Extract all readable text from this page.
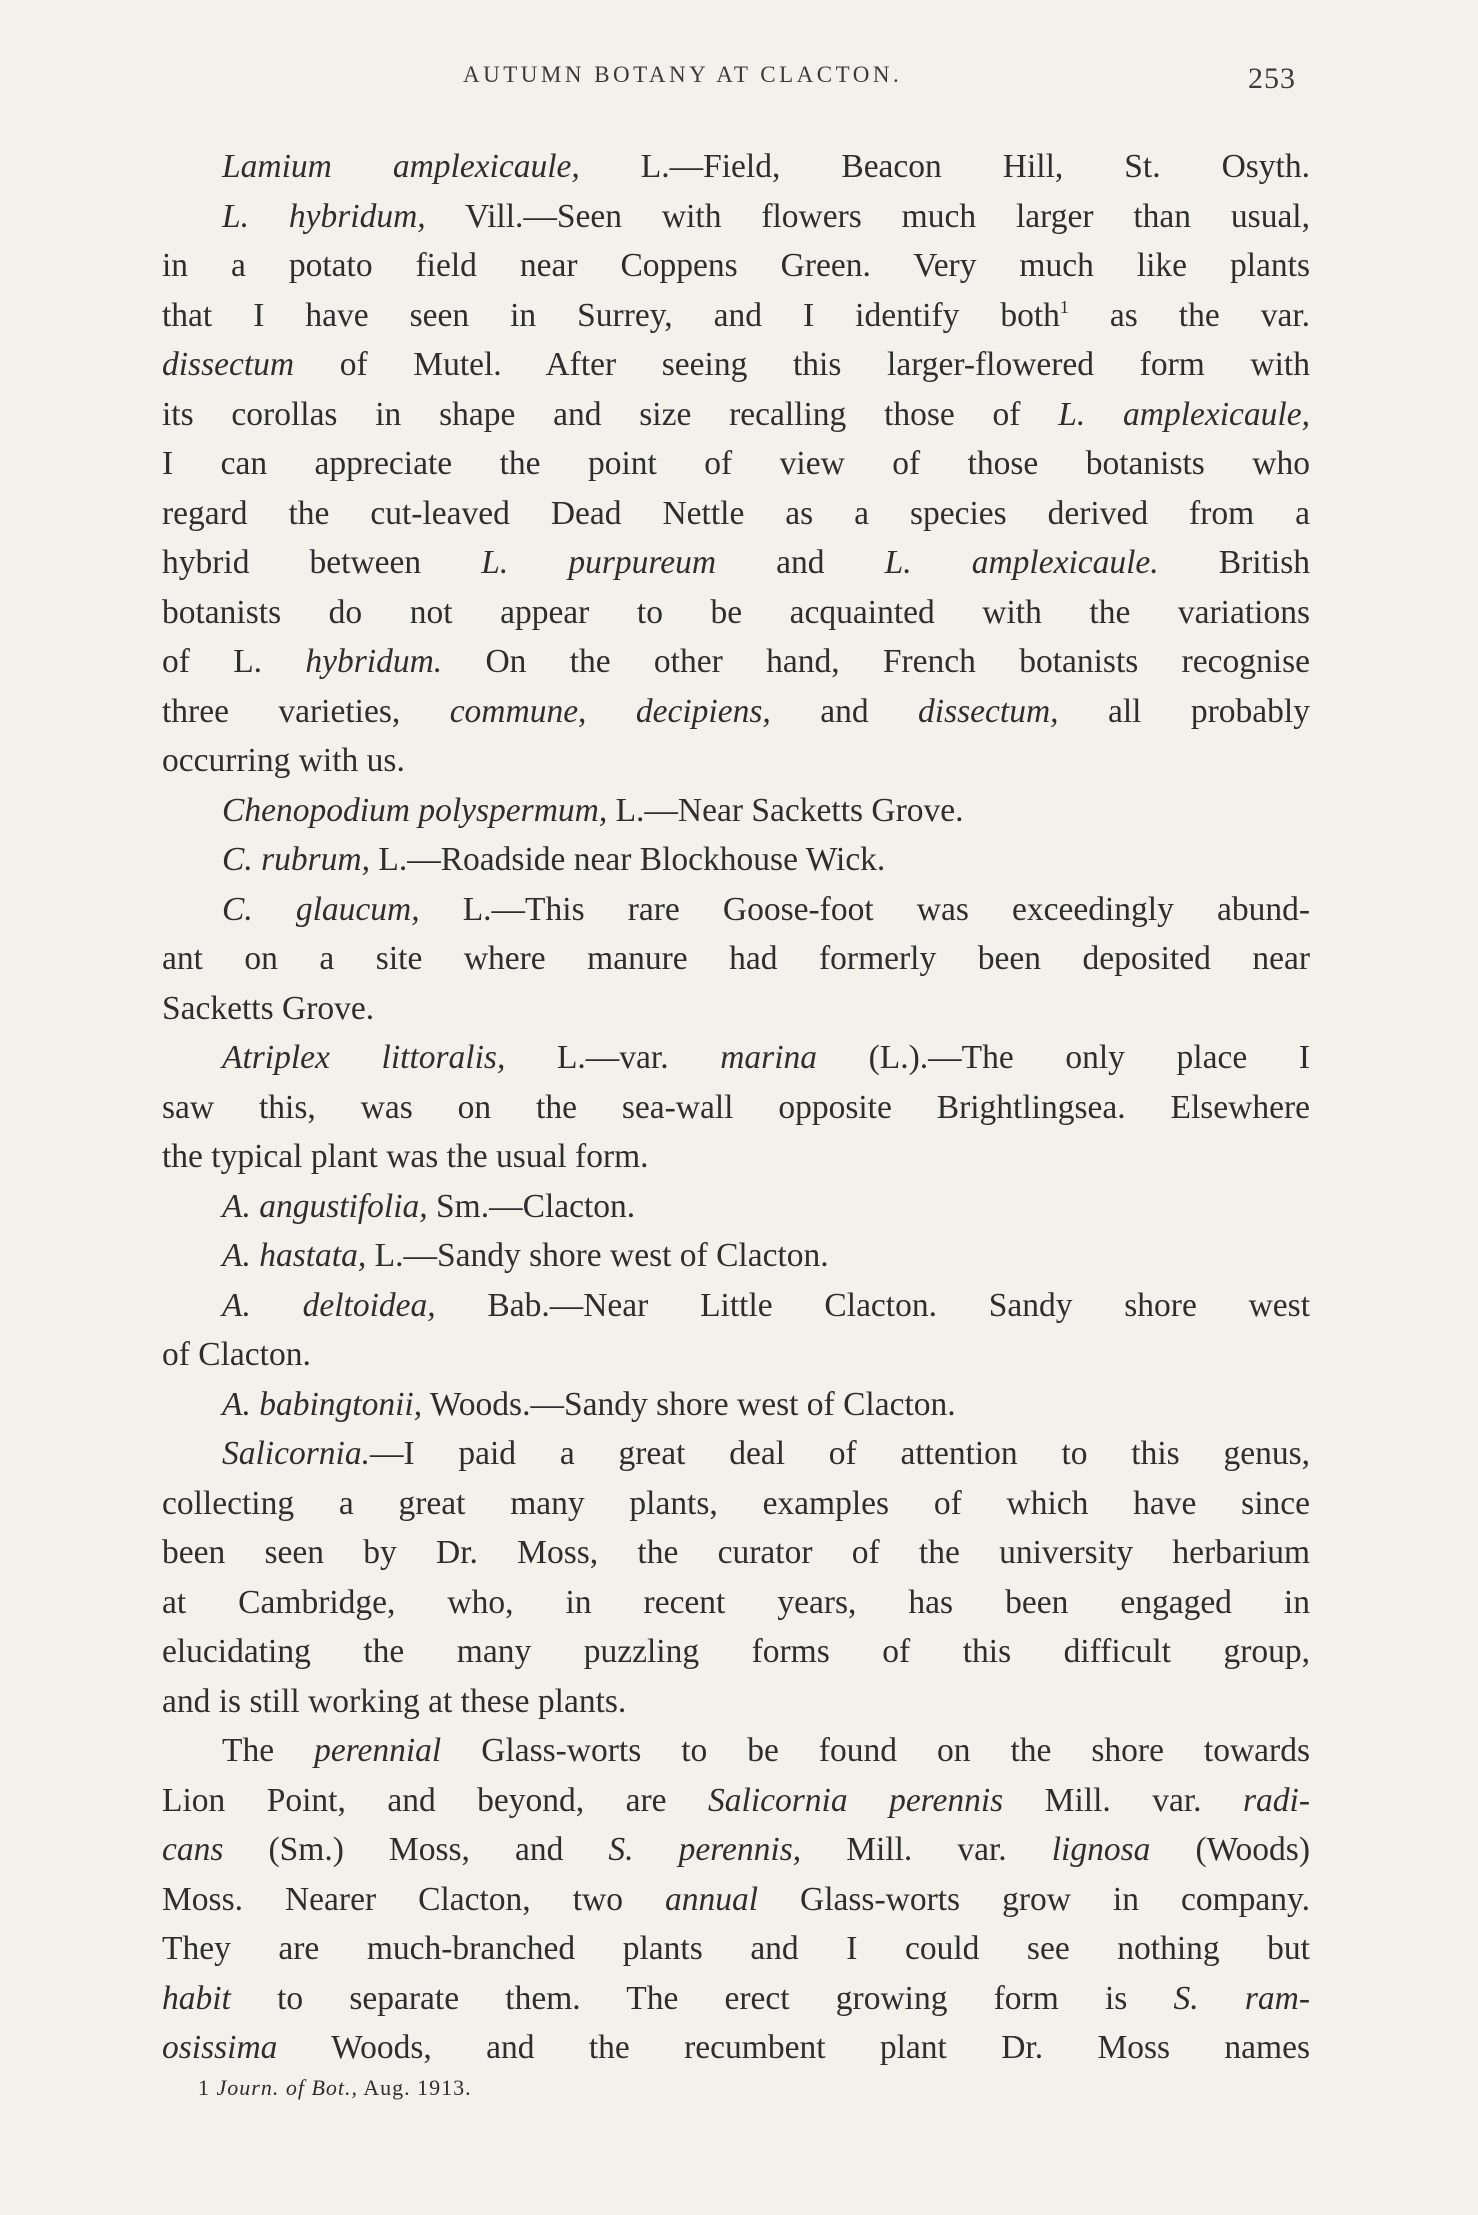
AUTUMN BOTANY AT CLACTON.	253
Lamium amplexicaule, L.—Field, Beacon Hill, St. Osyth.
L. hybridum, Vill.—Seen with flowers much larger than usual,
in a potato field near Coppens Green. Very much like plants
that I have seen in Surrey, and I identify both$^1$ as the var.
dissectum of Mutel. After seeing this larger-flowered form with
its corollas in shape and size recalling those of L. amplexicaule,
I can appreciate the point of view of those botanists who
regard the cut-leaved Dead Nettle as a species derived from a
hybrid between L. purpureum and L. amplexicaule. British
botanists do not appear to be acquainted with the variations
of L. hybridum. On the other hand, French botanists recognise
three varieties, commune, decipiens, and dissectum, all probably
occurring with us.
Chenopodium polyspermum, L.—Near Sacketts Grove.
C. rubrum, L.—Roadside near Blockhouse Wick.
C. glaucum, L.—This rare Goose-foot was exceedingly abund-
ant on a site where manure had formerly been deposited near
Sacketts Grove.
Atriplex littoralis, L.—var. marina (L.).—The only place I
saw this, was on the sea-wall opposite Brightlingsea. Elsewhere
the typical plant was the usual form.
A. angustifolia, Sm.—Clacton.
A. hastata, L.—Sandy shore west of Clacton.
A. deltoidea, Bab.—Near Little Clacton. Sandy shore west
of Clacton.
A. babingtonii, Woods.—Sandy shore west of Clacton.
Salicornia.—I paid a great deal of attention to this genus,
collecting a great many plants, examples of which have since
been seen by Dr. Moss, the curator of the university herbarium
at Cambridge, who, in recent years, has been engaged in
elucidating the many puzzling forms of this difficult group,
and is still working at these plants.
The perennial Glass-worts to be found on the shore towards
Lion Point, and beyond, are Salicornia perennis Mill. var. radi-
cans (Sm.) Moss, and S. perennis, Mill. var. lignosa (Woods)
Moss. Nearer Clacton, two annual Glass-worts grow in company.
They are much-branched plants and I could see nothing but
habit to separate them. The erect growing form is S. ram-
osissima Woods, and the recumbent plant Dr. Moss names
1 Journ. of Bot., Aug. 1913.
